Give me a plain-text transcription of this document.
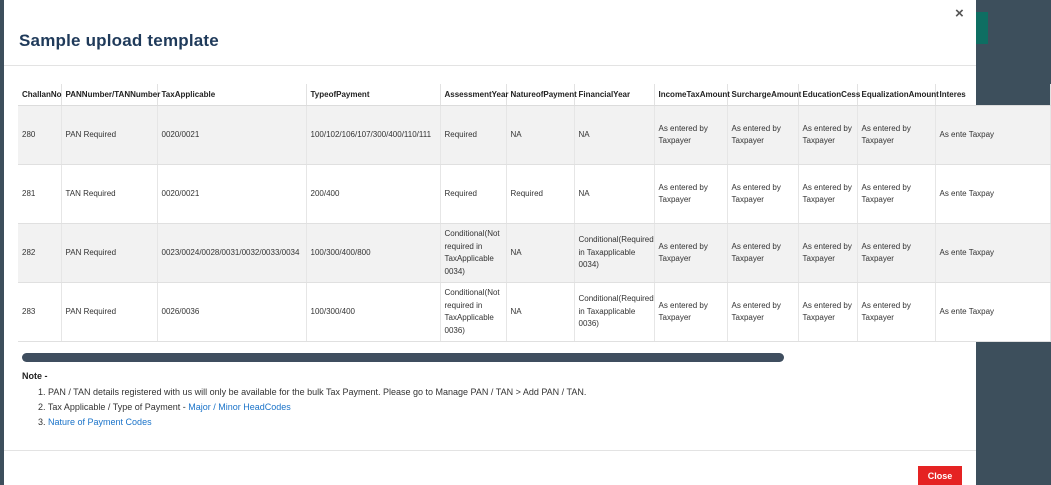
×
Sample upload template
ChallanNo	PANNumber/TANNumber	TaxApplicable	TypeofPayment	AssessmentYear	NatureofPayment	FinancialYear	IncomeTaxAmount	SurchargeAmount	EducationCess	EqualizationAmount	Interes
280	PAN Required	0020/0021	100/102/106/107/300/400/110/111	Required	NA	NA	As entered by Taxpayer	As entered by Taxpayer	As entered by Taxpayer	As entered by Taxpayer	As ente Taxpay
281	TAN Required	0020/0021	200/400	Required	Required	NA	As entered by Taxpayer	As entered by Taxpayer	As entered by Taxpayer	As entered by Taxpayer	As ente Taxpay
282	PAN Required	0023/0024/0028/0031/0032/0033/0034	100/300/400/800	Conditional(Not required in TaxApplicable 0034)	NA	Conditional(Required in Taxapplicable 0034)	As entered by Taxpayer	As entered by Taxpayer	As entered by Taxpayer	As entered by Taxpayer	As ente Taxpay
283	PAN Required	0026/0036	100/300/400	Conditional(Not required in TaxApplicable 0036)	NA	Conditional(Required in Taxapplicable 0036)	As entered by Taxpayer	As entered by Taxpayer	As entered by Taxpayer	As entered by Taxpayer	As ente Taxpay
Note -
1. PAN / TAN details registered with us will only be available for the bulk Tax Payment. Please go to Manage PAN / TAN > Add PAN / TAN.
2. Tax Applicable / Type of Payment - Major / Minor HeadCodes
3. Nature of Payment Codes
Close
